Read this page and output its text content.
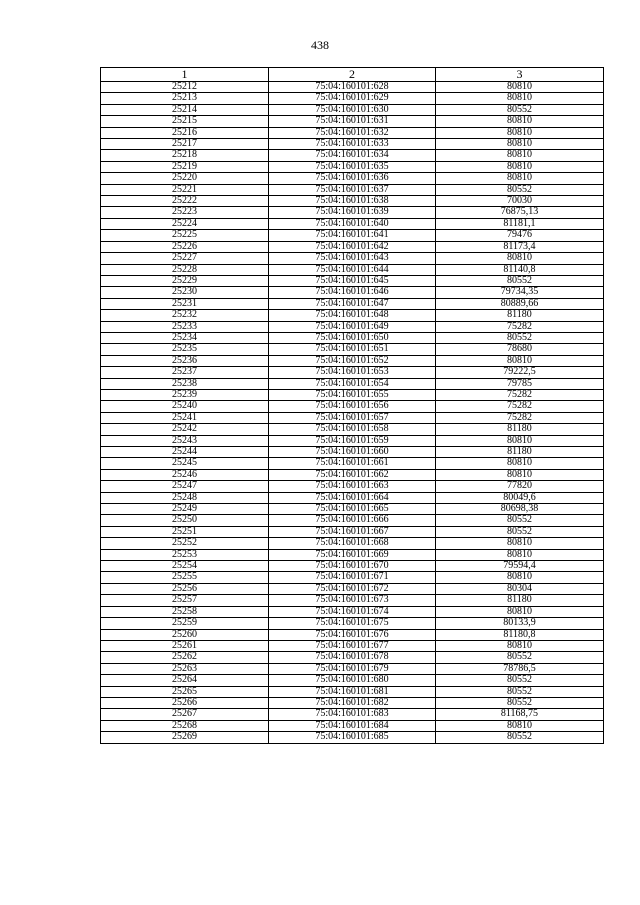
438
1	2	3
25212	75:04:160101:628	80810
25213	75:04:160101:629	80810
25214	75:04:160101:630	80552
25215	75:04:160101:631	80810
25216	75:04:160101:632	80810
25217	75:04:160101:633	80810
25218	75:04:160101:634	80810
25219	75:04:160101:635	80810
25220	75:04:160101:636	80810
25221	75:04:160101:637	80552
25222	75:04:160101:638	70030
25223	75:04:160101:639	76875,13
25224	75:04:160101:640	81181,1
25225	75:04:160101:641	79476
25226	75:04:160101:642	81173,4
25227	75:04:160101:643	80810
25228	75:04:160101:644	81140,8
25229	75:04:160101:645	80552
25230	75:04:160101:646	79734,35
25231	75:04:160101:647	80889,66
25232	75:04:160101:648	81180
25233	75:04:160101:649	75282
25234	75:04:160101:650	80552
25235	75:04:160101:651	78680
25236	75:04:160101:652	80810
25237	75:04:160101:653	79222,5
25238	75:04:160101:654	79785
25239	75:04:160101:655	75282
25240	75:04:160101:656	75282
25241	75:04:160101:657	75282
25242	75:04:160101:658	81180
25243	75:04:160101:659	80810
25244	75:04:160101:660	81180
25245	75:04:160101:661	80810
25246	75:04:160101:662	80810
25247	75:04:160101:663	77820
25248	75:04:160101:664	80049,6
25249	75:04:160101:665	80698,38
25250	75:04:160101:666	80552
25251	75:04:160101:667	80552
25252	75:04:160101:668	80810
25253	75:04:160101:669	80810
25254	75:04:160101:670	79594,4
25255	75:04:160101:671	80810
25256	75:04:160101:672	80304
25257	75:04:160101:673	81180
25258	75:04:160101:674	80810
25259	75:04:160101:675	80133,9
25260	75:04:160101:676	81180,8
25261	75:04:160101:677	80810
25262	75:04:160101:678	80552
25263	75:04:160101:679	78786,5
25264	75:04:160101:680	80552
25265	75:04:160101:681	80552
25266	75:04:160101:682	80552
25267	75:04:160101:683	81168,75
25268	75:04:160101:684	80810
25269	75:04:160101:685	80552
